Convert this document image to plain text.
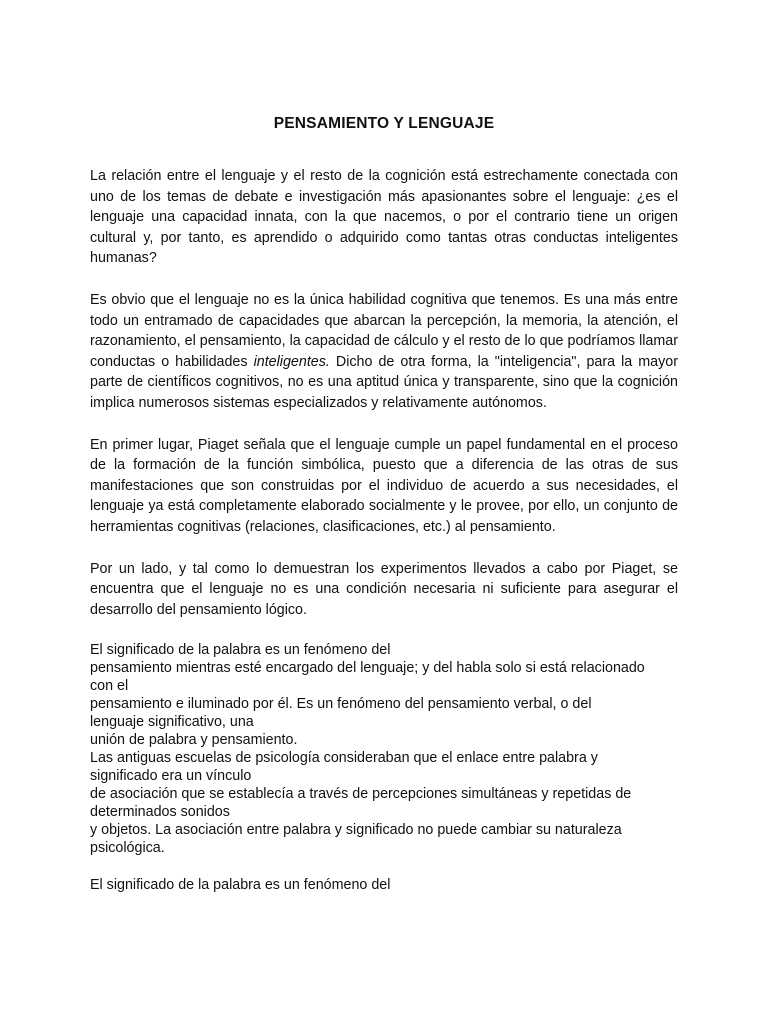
PENSAMIENTO Y LENGUAJE

La relación entre el lenguaje y el resto de la cognición está estrechamente conectada con uno de los temas de debate e investigación más apasionantes sobre el lenguaje: ¿es el lenguaje una capacidad innata, con la que nacemos, o por el contrario tiene un origen cultural y, por tanto, es aprendido o adquirido como tantas otras conductas inteligentes humanas?

Es obvio que el lenguaje no es la única habilidad cognitiva que tenemos. Es una más entre todo un entramado de capacidades que abarcan la percepción, la memoria, la atención, el razonamiento, el pensamiento, la capacidad de cálculo y el resto de lo que podríamos llamar conductas o habilidades inteligentes. Dicho de otra forma, la "inteligencia", para la mayor parte de científicos cognitivos, no es una aptitud única y transparente, sino que la cognición implica numerosos sistemas especializados y relativamente autónomos.

En primer lugar, Piaget señala que el lenguaje cumple un papel fundamental en el proceso de la formación de la función simbólica, puesto que a diferencia de las otras de sus manifestaciones que son construidas por el individuo de acuerdo a sus necesidades, el lenguaje ya está completamente elaborado socialmente y le provee, por ello, un conjunto de herramientas cognitivas (relaciones, clasificaciones, etc.) al pensamiento.

Por un lado, y tal como lo demuestran los experimentos llevados a cabo por Piaget, se encuentra que el lenguaje no es una condición necesaria ni suficiente para asegurar el desarrollo del pensamiento lógico.

El significado de la palabra es un fenómeno del
pensamiento mientras esté encargado del lenguaje; y del habla solo si está relacionado
con el
pensamiento e iluminado por él. Es un fenómeno del pensamiento verbal, o del
lenguaje significativo, una
unión de palabra y pensamiento.
Las antiguas escuelas de psicología consideraban que el enlace entre palabra y
significado era un vínculo
de asociación que se establecía a través de percepciones simultáneas y repetidas de
determinados sonidos
y objetos. La asociación entre palabra y significado no puede cambiar su naturaleza
psicológica.
El significado de la palabra es un fenómeno del
